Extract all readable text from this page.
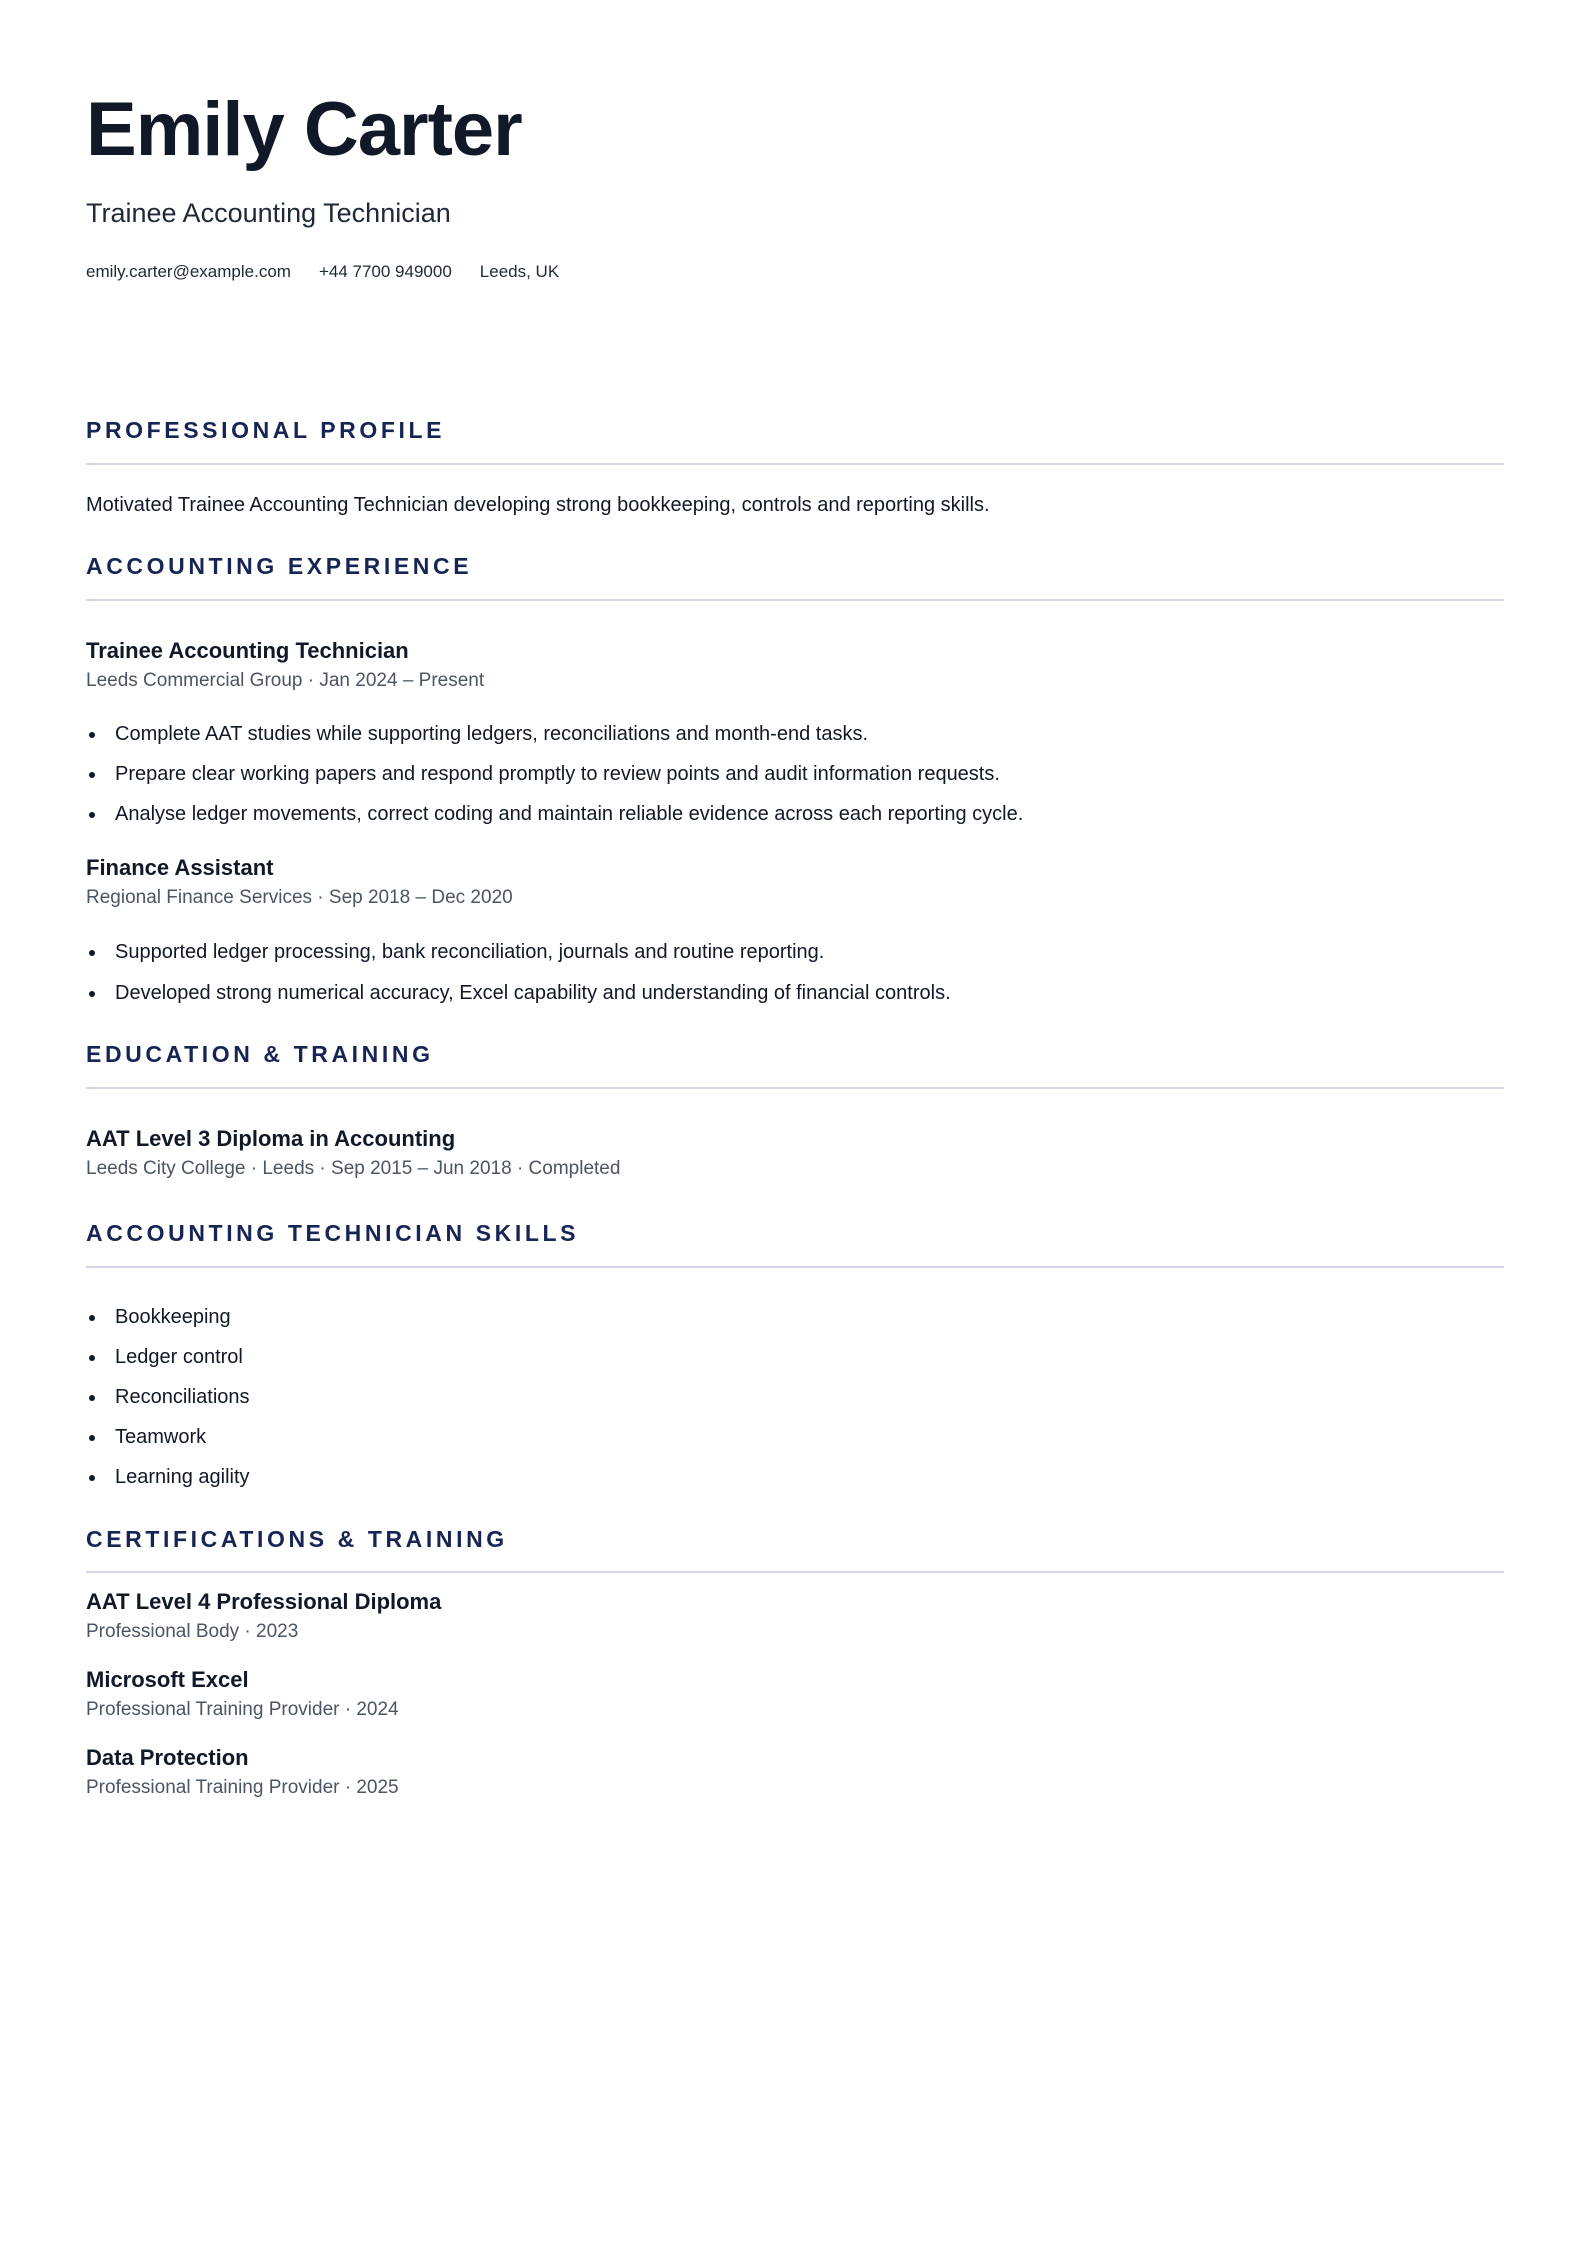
Emily Carter
Trainee Accounting Technician
emily.carter@example.com +44 7700 949000 Leeds, UK
PROFESSIONAL PROFILE
Motivated Trainee Accounting Technician developing strong bookkeeping, controls and reporting skills.
ACCOUNTING EXPERIENCE
Trainee Accounting Technician
Leeds Commercial Group · Jan 2024 – Present
Complete AAT studies while supporting ledgers, reconciliations and month-end tasks.
Prepare clear working papers and respond promptly to review points and audit information requests.
Analyse ledger movements, correct coding and maintain reliable evidence across each reporting cycle.
Finance Assistant
Regional Finance Services · Sep 2018 – Dec 2020
Supported ledger processing, bank reconciliation, journals and routine reporting.
Developed strong numerical accuracy, Excel capability and understanding of financial controls.
EDUCATION & TRAINING
AAT Level 3 Diploma in Accounting
Leeds City College · Leeds · Sep 2015 – Jun 2018 · Completed
ACCOUNTING TECHNICIAN SKILLS
Bookkeeping
Ledger control
Reconciliations
Teamwork
Learning agility
CERTIFICATIONS & TRAINING
AAT Level 4 Professional Diploma
Professional Body · 2023
Microsoft Excel
Professional Training Provider · 2024
Data Protection
Professional Training Provider · 2025
